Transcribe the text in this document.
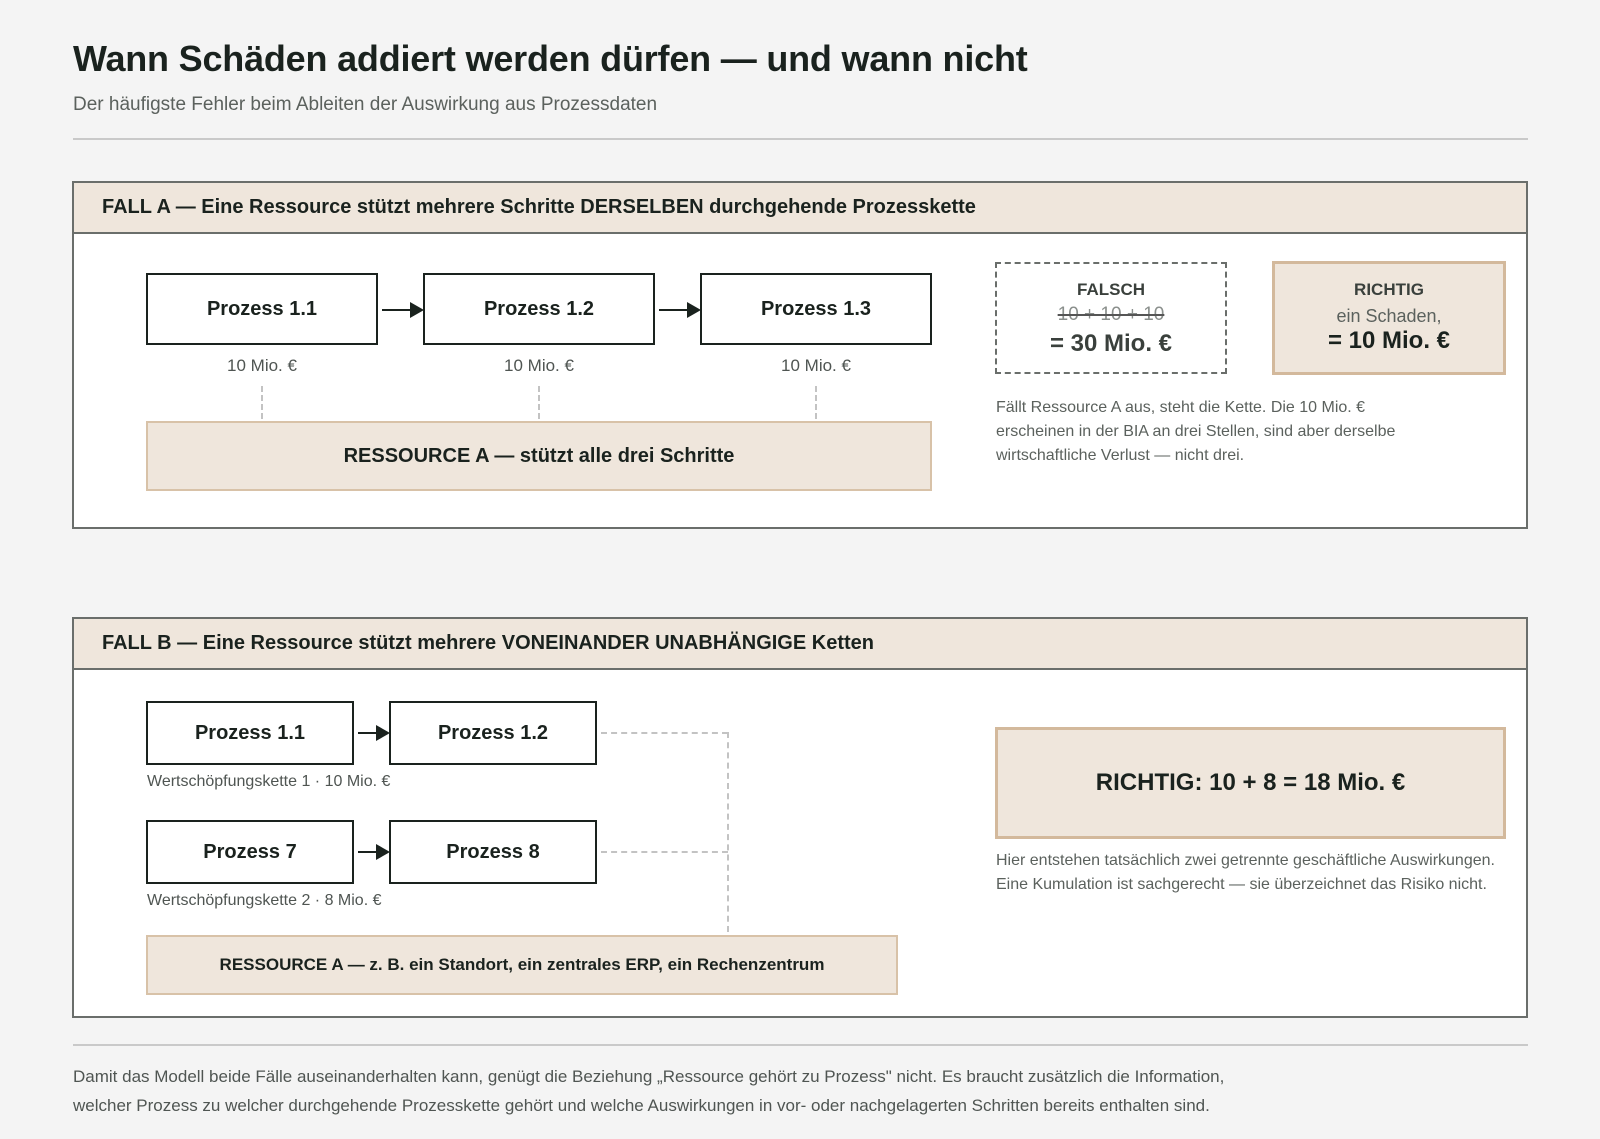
Wann Schäden addiert werden dürfen — und wann nicht
Der häufigste Fehler beim Ableiten der Auswirkung aus Prozessdaten
FALL A — Eine Ressource stützt mehrere Schritte DERSELBEN durchgehende Prozesskette
Prozess 1.1	Prozess 1.2	Prozess 1.3
10 Mio. €	10 Mio. €	10 Mio. €
RESSOURCE A — stützt alle drei Schritte
FALSCH
10 + 10 + 10
= 30 Mio. €
RICHTIG
ein Schaden,
= 10 Mio. €
Fällt Ressource A aus, steht die Kette. Die 10 Mio. € erscheinen in der BIA an drei Stellen, sind aber derselbe wirtschaftliche Verlust — nicht drei.
FALL B — Eine Ressource stützt mehrere VONEINANDER UNABHÄNGIGE Ketten
Prozess 1.1	Prozess 1.2
Wertschöpfungskette 1 · 10 Mio. €
Prozess 7	Prozess 8
Wertschöpfungskette 2 · 8 Mio. €
RESSOURCE A — z. B. ein Standort, ein zentrales ERP, ein Rechenzentrum
RICHTIG: 10 + 8 = 18 Mio. €
Hier entstehen tatsächlich zwei getrennte geschäftliche Auswirkungen.
Eine Kumulation ist sachgerecht — sie überzeichnet das Risiko nicht.
Damit das Modell beide Fälle auseinanderhalten kann, genügt die Beziehung „Ressource gehört zu Prozess" nicht. Es braucht zusätzlich die Information,
welcher Prozess zu welcher durchgehende Prozesskette gehört und welche Auswirkungen in vor- oder nachgelagerten Schritten bereits enthalten sind.
